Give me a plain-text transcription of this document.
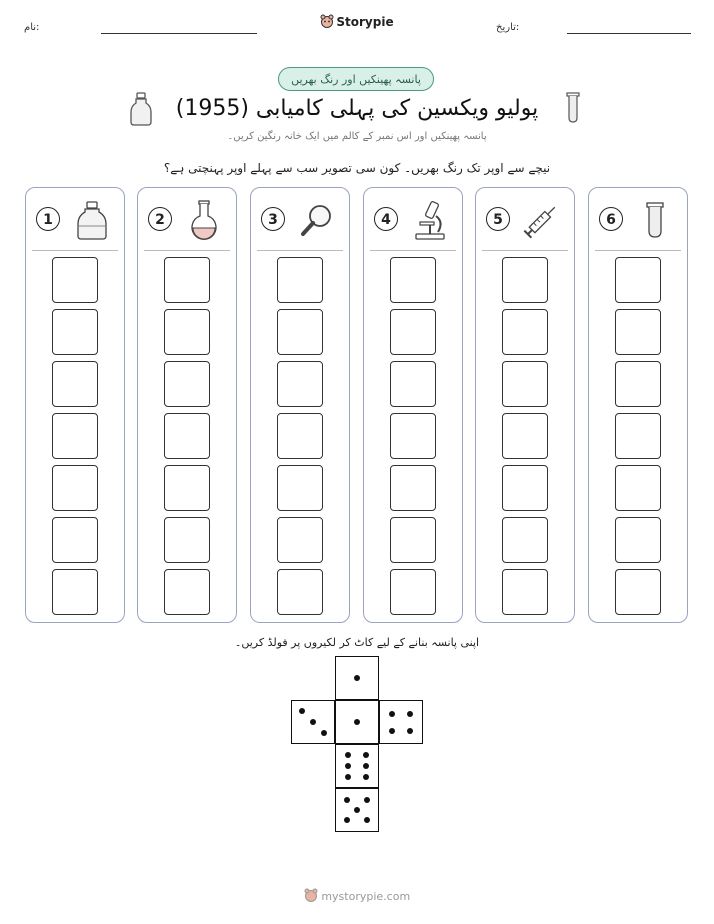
نام:	Storypie	تاریخ:
پانسہ پھینکیں اور رنگ بھریں
پولیو ویکسین کی پہلی کامیابی (1955)
پانسہ پھینکیں اور اس نمبر کے کالم میں ایک خانہ رنگین کریں۔
نیچے سے اوپر تک رنگ بھریں۔ کون سی تصویر سب سے پہلے اوپر پہنچتی ہے؟
1	2	3	4	5	6
اپنی پانسہ بنانے کے لیے کاٹ کر لکیروں پر فولڈ کریں۔
mystorypie.com
